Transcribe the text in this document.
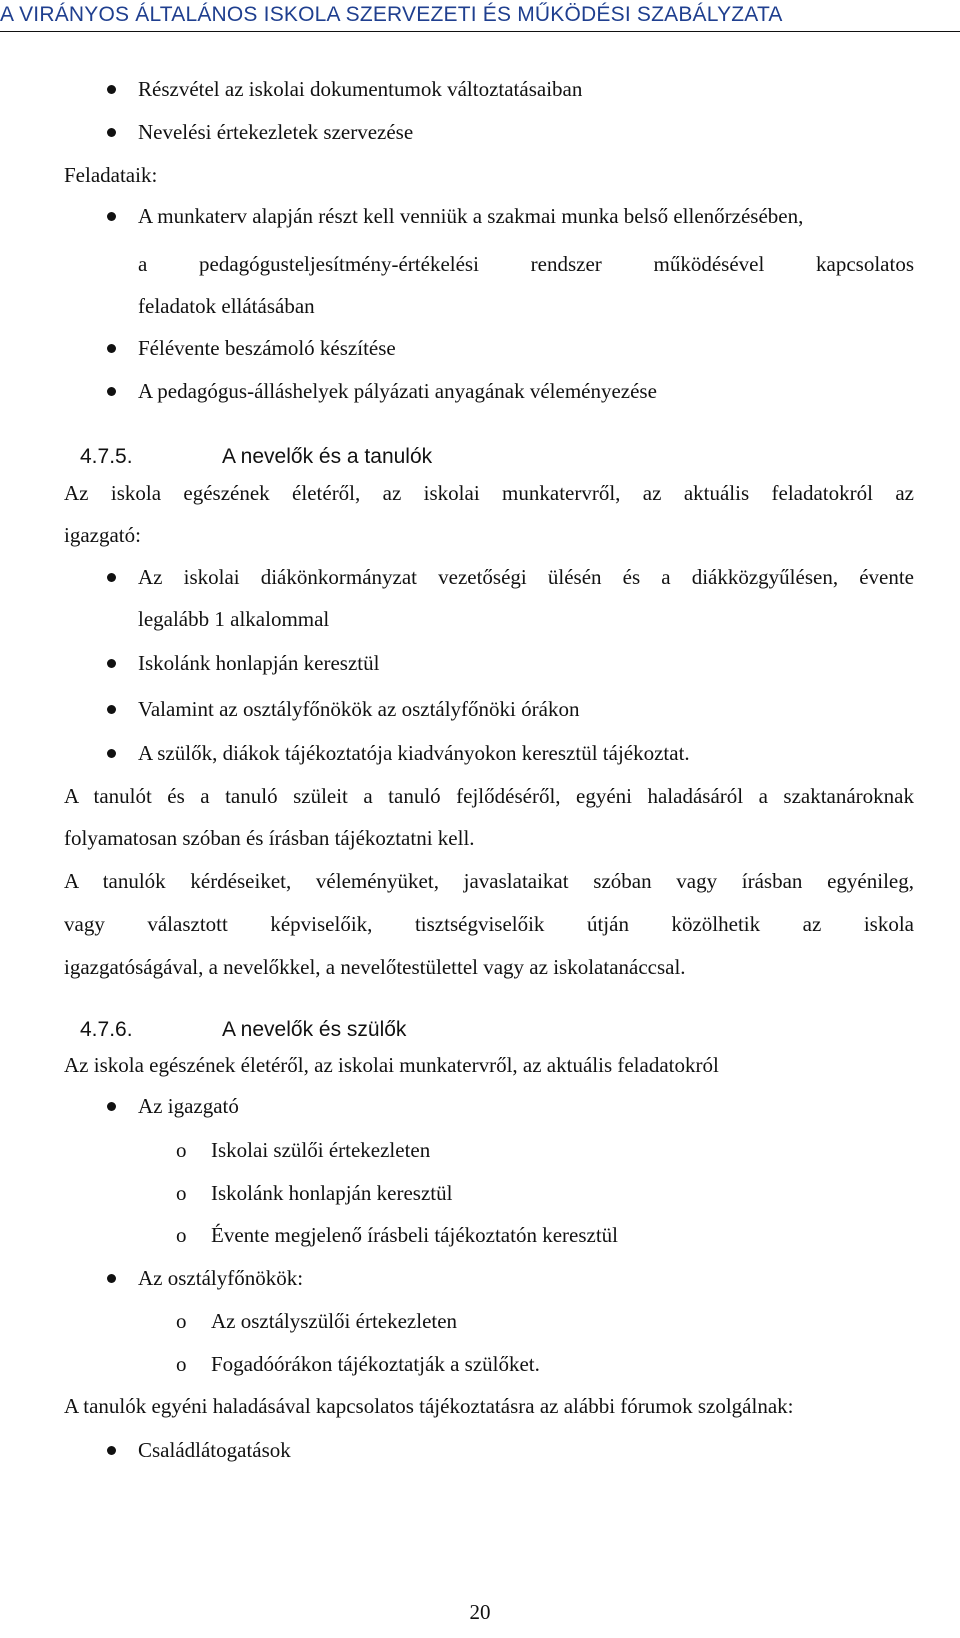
A VIRÁNYOS ÁLTALÁNOS ISKOLA SZERVEZETI ÉS MŰKÖDÉSI SZABÁLYZATA
Részvétel az iskolai dokumentumok változtatásaiban
Nevelési értekezletek szervezése
Feladataik:
A munkaterv alapján részt kell venniük a szakmai munka belső ellenőrzésében,
a pedagógusteljesítmény-értékelési rendszer működésével kapcsolatos
feladatok ellátásában
Félévente beszámoló készítése
A pedagógus-álláshelyek pályázati anyagának véleményezése
4.7.5.	A nevelők és a tanulók
Az iskola egészének életéről, az iskolai munkatervről, az aktuális feladatokról az
igazgató:
Az iskolai diákönkormányzat vezetőségi ülésén és a diákközgyűlésen, évente
legalább 1 alkalommal
Iskolánk honlapján keresztül
Valamint az osztályfőnökök az osztályfőnöki órákon
A szülők, diákok tájékoztatója kiadványokon keresztül tájékoztat.
A tanulót és a tanuló szüleit a tanuló fejlődéséről, egyéni haladásáról a szaktanároknak
folyamatosan szóban és írásban tájékoztatni kell.
A tanulók kérdéseiket, véleményüket, javaslataikat szóban vagy írásban egyénileg,
vagy választott képviselőik, tisztségviselőik útján közölhetik az iskola
igazgatóságával, a nevelőkkel, a nevelőtestülettel vagy az iskolatanáccsal.
4.7.6.	A nevelők és szülők
Az iskola egészének életéről, az iskolai munkatervről, az aktuális feladatokról
Az igazgató
o Iskolai szülői értekezleten
o Iskolánk honlapján keresztül
o Évente megjelenő írásbeli tájékoztatón keresztül
Az osztályfőnökök:
o Az osztályszülői értekezleten
o Fogadóórákon tájékoztatják a szülőket.
A tanulók egyéni haladásával kapcsolatos tájékoztatásra az alábbi fórumok szolgálnak:
Családlátogatások
20
